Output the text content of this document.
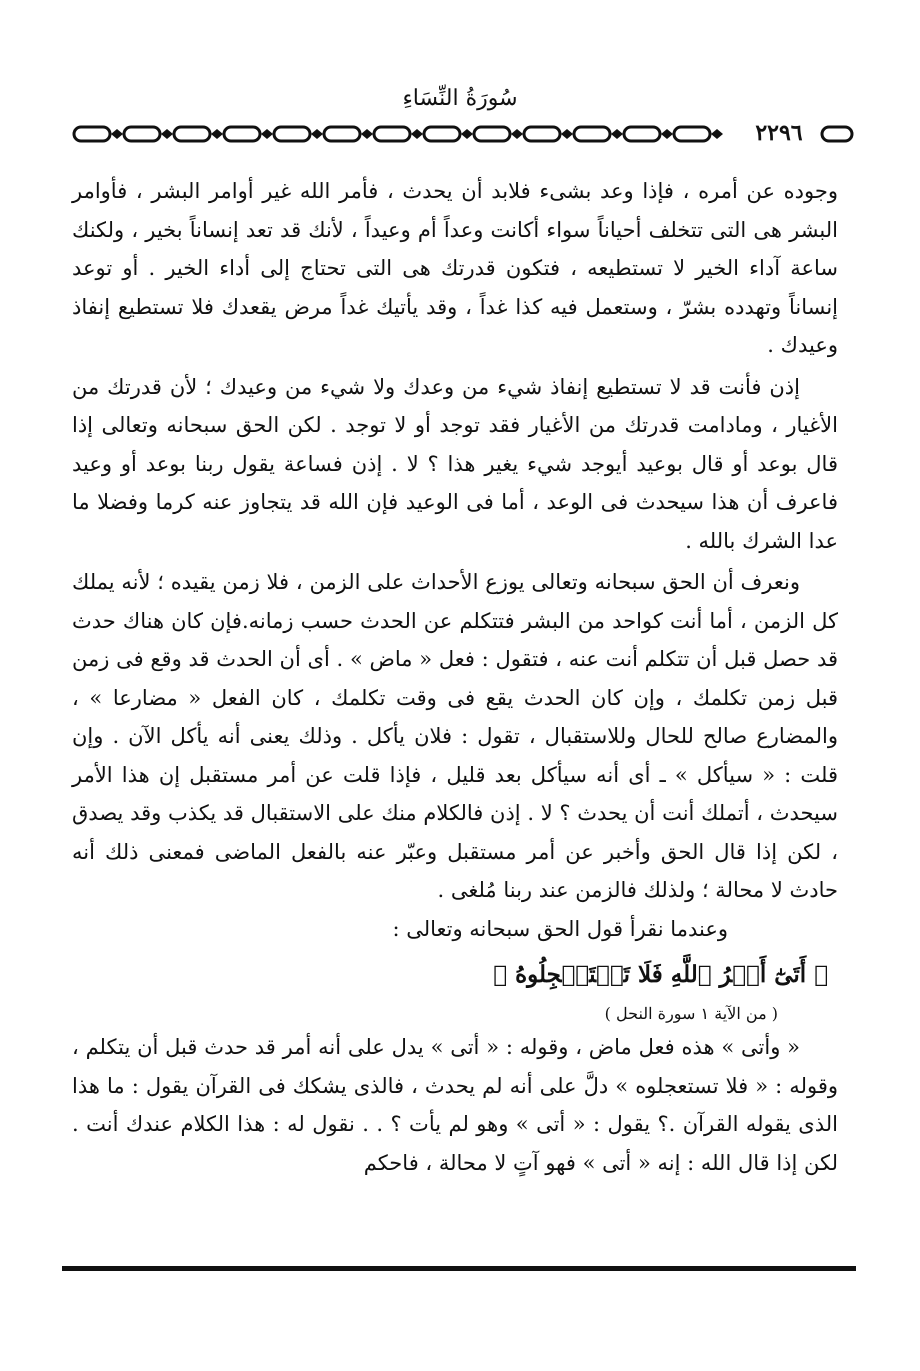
سُورَةُ النِّسَاءِ
٢٢٩٦

وجوده عن أمره ، فإذا وعد بشىء فلابد أن يحدث ، فأمر الله غير أوامر البشر ، فأوامر البشر هى التى تتخلف أحياناً سواء أكانت وعداً أم وعيداً ، لأنك قد تعد إنساناً بخير ، ولكنك ساعة آداء الخير لا تستطيعه ، فتكون قدرتك هى التى تحتاج إلى أداء الخير . أو توعد إنساناً وتهدده بشرّ ، وستعمل فيه كذا غداً ، وقد يأتيك غداً مرض يقعدك فلا تستطيع إنفاذ وعيدك .

إذن فأنت قد لا تستطيع إنفاذ شيء من وعدك ولا شيء من وعيدك ؛ لأن قدرتك من الأغيار ، ومادامت قدرتك من الأغيار فقد توجد أو لا توجد . لكن الحق سبحانه وتعالى إذا قال بوعد أو قال بوعيد أيوجد شيء يغير هذا ؟ لا . إذن فساعة يقول ربنا بوعد أو وعيد فاعرف أن هذا سيحدث فى الوعد ، أما فى الوعيد فإن الله قد يتجاوز عنه كرما وفضلا ما عدا الشرك بالله .

ونعرف أن الحق سبحانه وتعالى يوزع الأحداث على الزمن ، فلا زمن يقيده ؛ لأنه يملك كل الزمن ، أما أنت كواحد من البشر فتتكلم عن الحدث حسب زمانه.فإن كان هناك حدث قد حصل قبل أن تتكلم أنت عنه ، فتقول : فعل « ماض » . أى أن الحدث قد وقع فى زمن قبل زمن تكلمك ، وإن كان الحدث يقع فى وقت تكلمك ، كان الفعل « مضارعا » ، والمضارع صالح للحال وللاستقبال ، تقول : فلان يأكل . وذلك يعنى أنه يأكل الآن . وإن قلت : « سيأكل » ـ أى أنه سيأكل بعد قليل ، فإذا قلت عن أمر مستقبل إن هذا الأمر سيحدث ، أتملك أنت أن يحدث ؟ لا . إذن فالكلام منك على الاستقبال قد يكذب وقد يصدق ، لكن إذا قال الحق وأخبر عن أمر مستقبل وعبّر عنه بالفعل الماضى فمعنى ذلك أنه حادث لا محالة ؛ ولذلك فالزمن عند ربنا مُلغى .

وعندما نقرأ قول الحق سبحانه وتعالى :

﴿ أَتَىٰٓ أَمۡرُ ٱللَّهِ فَلَا تَسۡتَعۡجِلُوهُ ﴾

( من الآية ١ سورة النحل )

« وأتى » هذه فعل ماض ، وقوله : « أتى » يدل على أنه أمر قد حدث قبل أن يتكلم ، وقوله : « فلا تستعجلوه » دلَّ على أنه لم يحدث ، فالذى يشكك فى القرآن يقول : ما هذا الذى يقوله القرآن .؟ يقول : « أتى » وهو لم يأت ؟ . . نقول له : هذا الكلام عندك أنت . لكن إذا قال الله : إنه « أتى » فهو آتٍ لا محالة ، فاحكم
